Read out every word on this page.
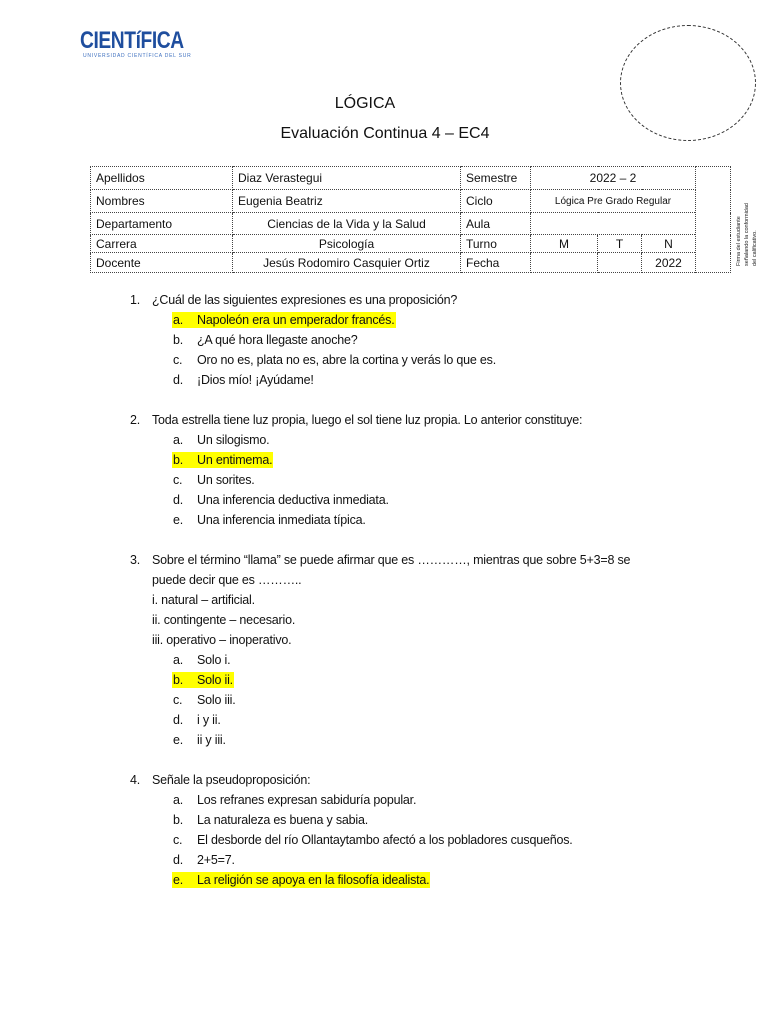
CIENTíFICA
UNIVERSIDAD CIENTÍFICA DEL SUR
LÓGICA
Evaluación Continua 4 – EC4
Apellidos	Diaz Verastegui	Semestre	2022 – 2			
Nombres	Eugenia Beatriz	Ciclo	Lógica Pre Grado Regular			
Departamento	Ciencias de la Vida y la Salud	Aula				
Carrera	Psicología	Turno	M	T	N	
Docente	Jesús Rodomiro Casquier Ortiz	Fecha			2022		Firma del estudiante señalando la conformidad del calificativo.
1. ¿Cuál de las siguientes expresiones es una proposición?
a. Napoleón era un emperador francés.
b. ¿A qué hora llegaste anoche?
c. Oro no es, plata no es, abre la cortina y verás lo que es.
d. ¡Dios mío! ¡Ayúdame!
2. Toda estrella tiene luz propia, luego el sol tiene luz propia. Lo anterior constituye:
a. Un silogismo.
b. Un entimema.
c. Un sorites.
d. Una inferencia deductiva inmediata.
e. Una inferencia inmediata típica.
3. Sobre el término “llama” se puede afirmar que es …………, mientras que sobre 5+3=8 se
puede decir que es ………..
i. natural – artificial.
ii. contingente – necesario.
iii. operativo – inoperativo.
a. Solo i.
b. Solo ii.
c. Solo iii.
d. i y ii.
e. ii y iii.
4. Señale la pseudoproposición:
a. Los refranes expresan sabiduría popular.
b. La naturaleza es buena y sabia.
c. El desborde del río Ollantaytambo afectó a los pobladores cusqueños.
d. 2+5=7.
e. La religión se apoya en la filosofía idealista.
